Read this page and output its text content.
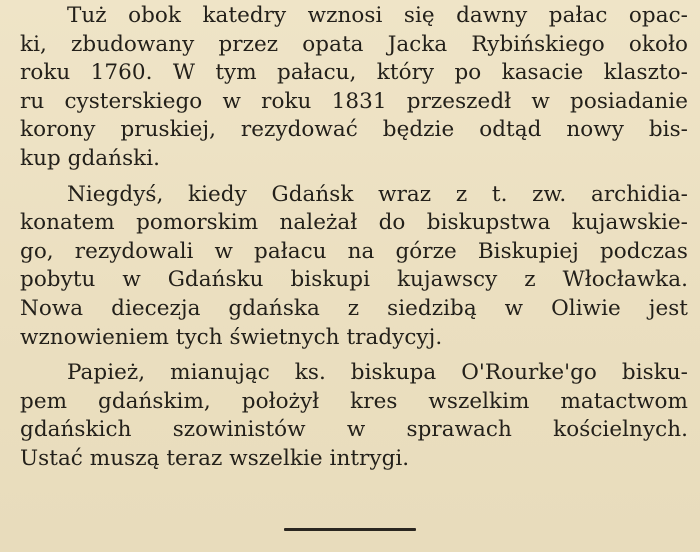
Tuż obok katedry wznosi się dawny pałac opac-
ki, zbudowany przez opata Jacka Rybińskiego około
roku 1760. W tym pałacu, który po kasacie klaszto-
ru cysterskiego w roku 1831 przeszedł w posiadanie
korony pruskiej, rezydować będzie odtąd nowy bis-
kup gdański.
Niegdyś, kiedy Gdańsk wraz z t. zw. archidia-
konatem pomorskim należał do biskupstwa kujawskie-
go, rezydowali w pałacu na górze Biskupiej podczas
pobytu w Gdańsku biskupi kujawscy z Włocławka.
Nowa diecezja gdańska z siedzibą w Oliwie jest
wznowieniem tych świetnych tradycyj.
Papież, mianując ks. biskupa O'Rourke'go bisku-
pem gdańskim, położył kres wszelkim matactwom
gdańskich szowinistów w sprawach kościelnych.
Ustać muszą teraz wszelkie intrygi.
